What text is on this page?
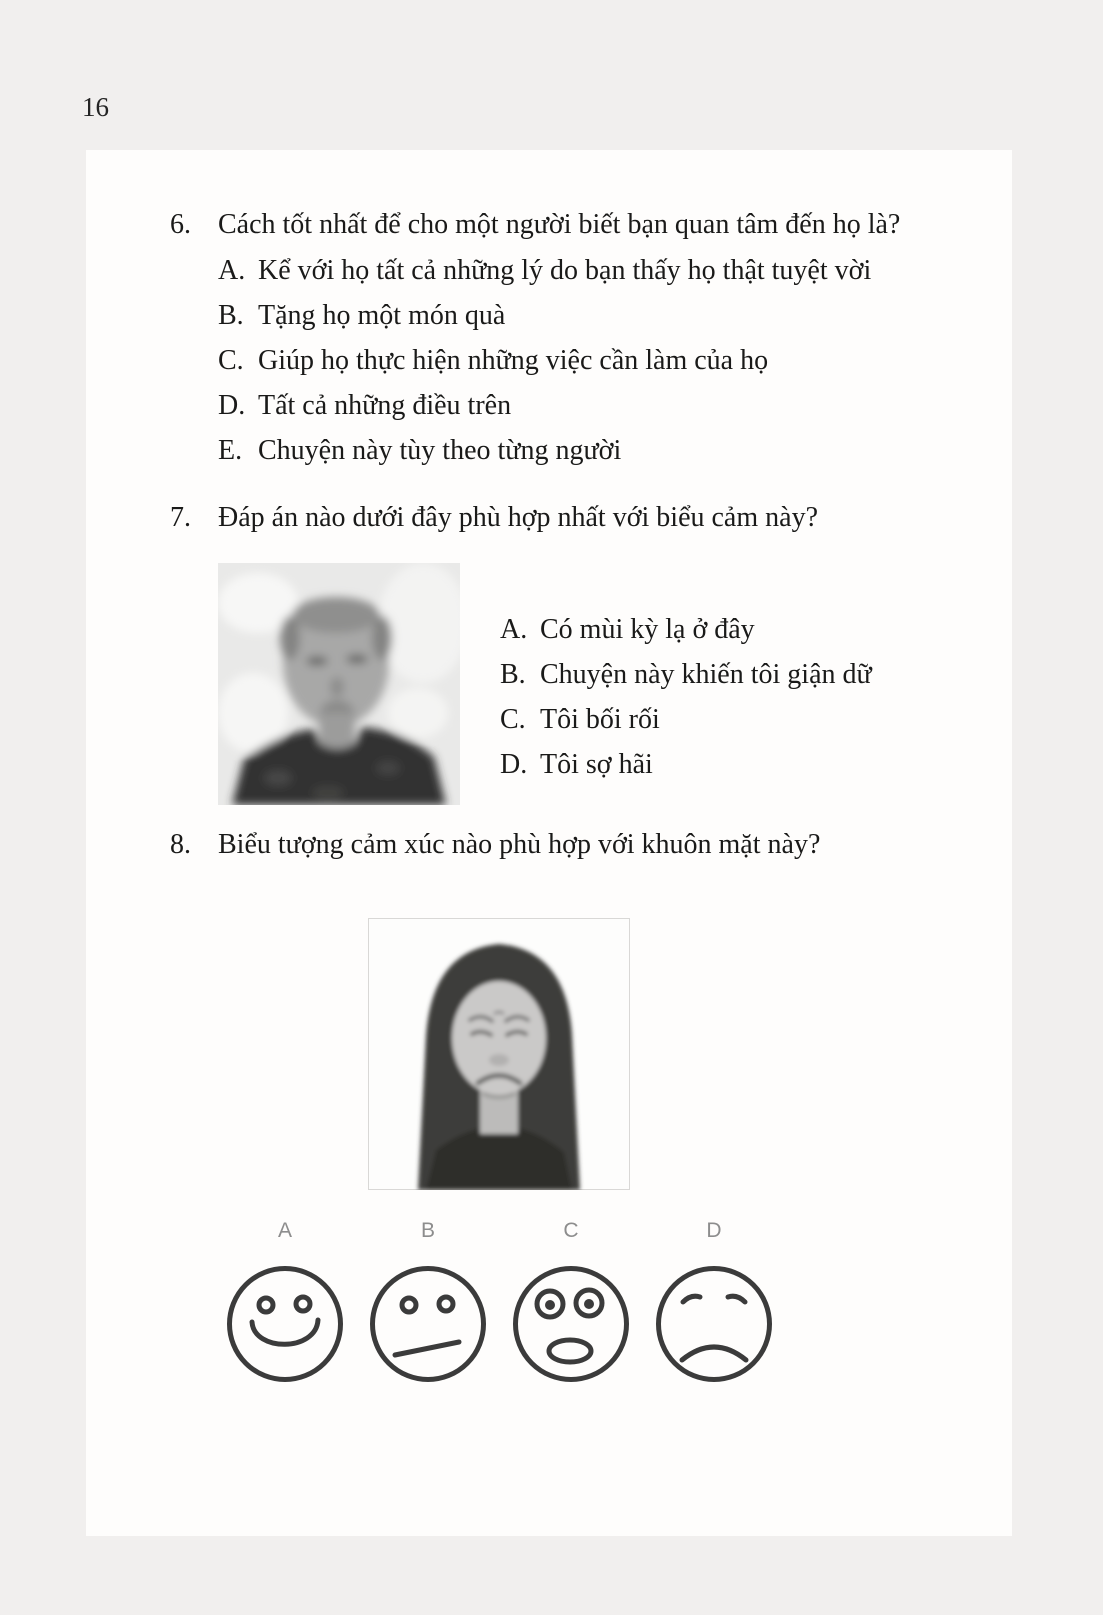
16
6. Cách tốt nhất để cho một người biết bạn quan tâm đến họ là?
A. Kể với họ tất cả những lý do bạn thấy họ thật tuyệt vời
B. Tặng họ một món quà
C. Giúp họ thực hiện những việc cần làm của họ
D. Tất cả những điều trên
E. Chuyện này tùy theo từng người
7. Đáp án nào dưới đây phù hợp nhất với biểu cảm này?
A. Có mùi kỳ lạ ở đây
B. Chuyện này khiến tôi giận dữ
C. Tôi bối rối
D. Tôi sợ hãi
8. Biểu tượng cảm xúc nào phù hợp với khuôn mặt này?
A	B	C	D
